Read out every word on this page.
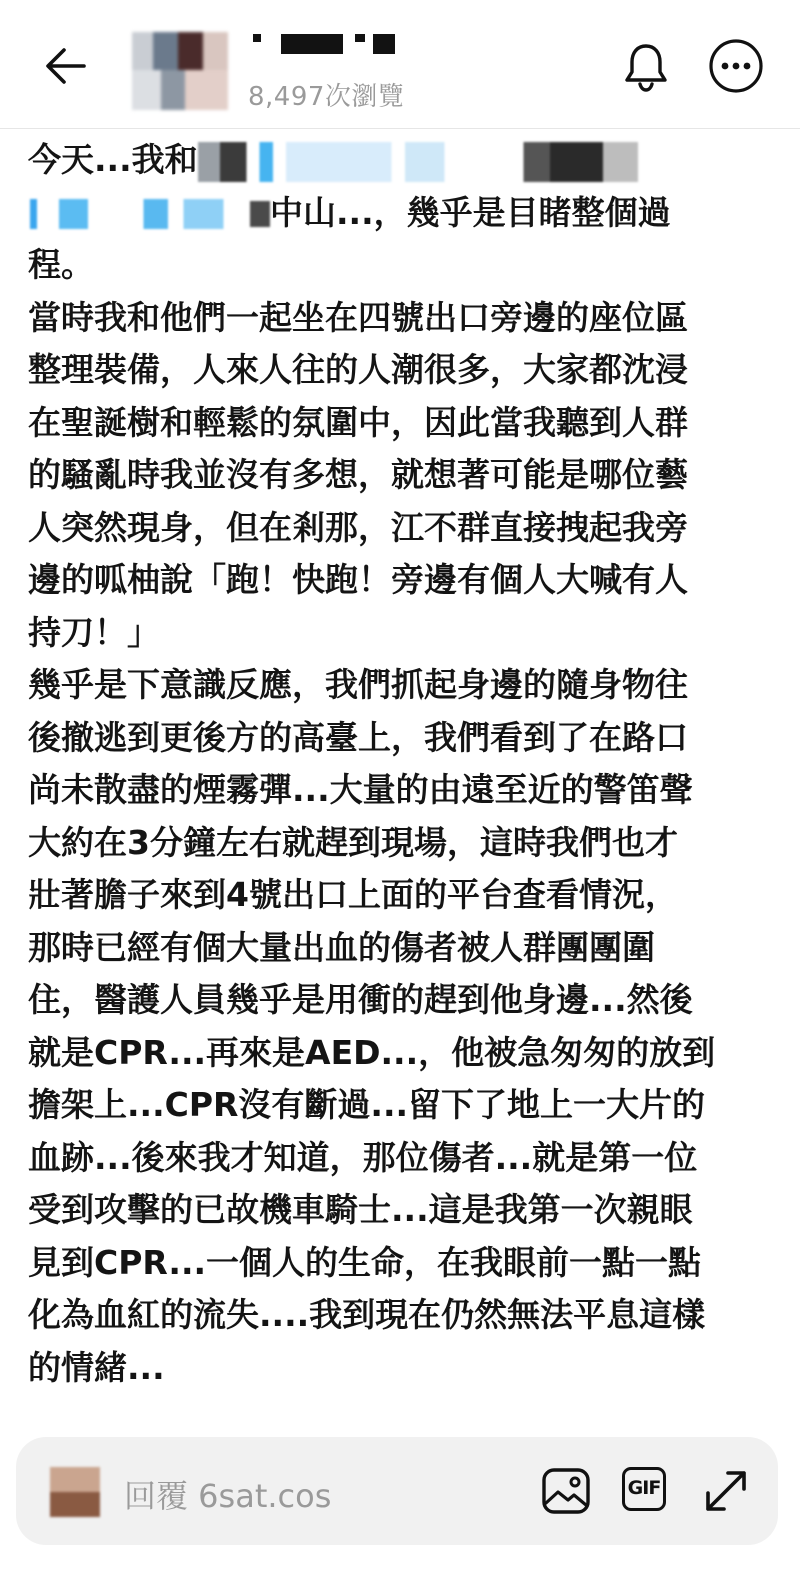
8,497次瀏覽
今天...我和
中山...，幾乎是目睹整個過
程。
當時我和他們一起坐在四號出口旁邊的座位區
整理裝備，人來人往的人潮很多，大家都沈浸
在聖誕樹和輕鬆的氛圍中，因此當我聽到人群
的騷亂時我並沒有多想，就想著可能是哪位藝
人突然現身，但在剎那，江不群直接拽起我旁
邊的呱柚說「跑！快跑！旁邊有個人大喊有人
持刀！」
幾乎是下意識反應，我們抓起身邊的隨身物往
後撤逃到更後方的高臺上，我們看到了在路口
尚未散盡的煙霧彈...大量的由遠至近的警笛聲
大約在3分鐘左右就趕到現場，這時我們也才
壯著膽子來到4號出口上面的平台查看情況，
那時已經有個大量出血的傷者被人群團團圍
住，醫護人員幾乎是用衝的趕到他身邊...然後
就是CPR...再來是AED...，他被急匆匆的放到
擔架上...CPR沒有斷過...留下了地上一大片的
血跡...後來我才知道，那位傷者...就是第一位
受到攻擊的已故機車騎士...這是我第一次親眼
見到CPR...一個人的生命，在我眼前一點一點
化為血紅的流失....我到現在仍然無法平息這樣
的情緒...
回覆 6sat.cos	GIF
